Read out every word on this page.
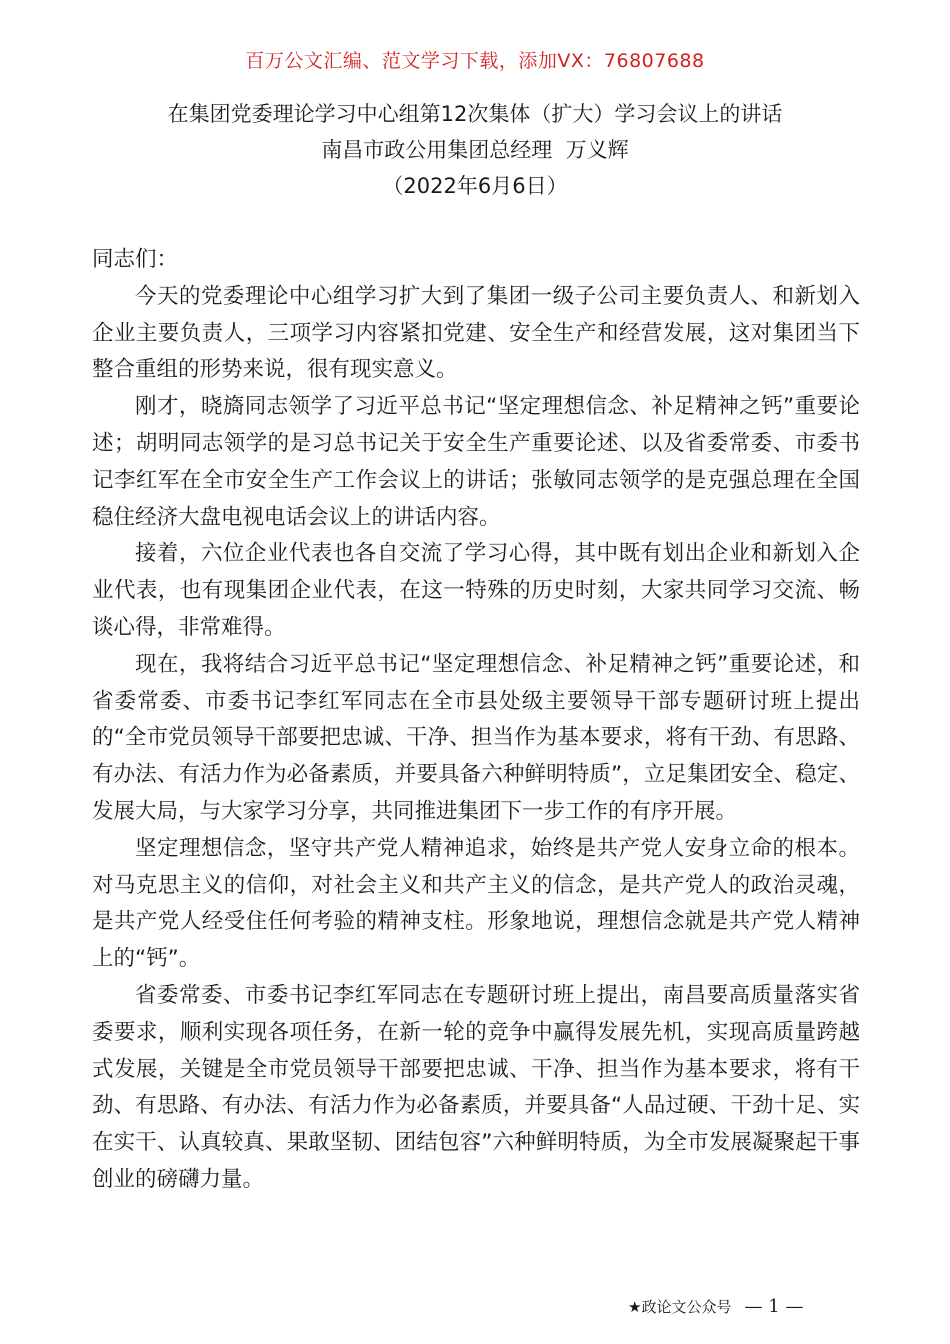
百万公文汇编、范文学习下载，添加VX：76807688
在集团党委理论学习中心组第12次集体（扩大）学习会议上的讲话
南昌市政公用集团总经理  万义辉
（2022年6月6日）

同志们：

今天的党委理论中心组学习扩大到了集团一级子公司主要负责人、和新划入企业主要负责人，三项学习内容紧扣党建、安全生产和经营发展，这对集团当下整合重组的形势来说，很有现实意义。

刚才，晓旖同志领学了习近平总书记“坚定理想信念、补足精神之钙”重要论述；胡明同志领学的是习总书记关于安全生产重要论述、以及省委常委、市委书记李红军在全市安全生产工作会议上的讲话；张敏同志领学的是克强总理在全国稳住经济大盘电视电话会议上的讲话内容。

接着，六位企业代表也各自交流了学习心得，其中既有划出企业和新划入企业代表，也有现集团企业代表，在这一特殊的历史时刻，大家共同学习交流、畅谈心得，非常难得。

现在，我将结合习近平总书记“坚定理想信念、补足精神之钙”重要论述，和省委常委、市委书记李红军同志在全市县处级主要领导干部专题研讨班上提出的“全市党员领导干部要把忠诚、干净、担当作为基本要求，将有干劲、有思路、有办法、有活力作为必备素质，并要具备六种鲜明特质”，立足集团安全、稳定、发展大局，与大家学习分享，共同推进集团下一步工作的有序开展。

坚定理想信念，坚守共产党人精神追求，始终是共产党人安身立命的根本。对马克思主义的信仰，对社会主义和共产主义的信念，是共产党人的政治灵魂，是共产党人经受住任何考验的精神支柱。形象地说，理想信念就是共产党人精神上的“钙”。

省委常委、市委书记李红军同志在专题研讨班上提出，南昌要高质量落实省委要求，顺利实现各项任务，在新一轮的竞争中赢得发展先机，实现高质量跨越式发展，关键是全市党员领导干部要把忠诚、干净、担当作为基本要求，将有干劲、有思路、有办法、有活力作为必备素质，并要具备“人品过硬、干劲十足、实在实干、认真较真、果敢坚韧、团结包容”六种鲜明特质，为全市发展凝聚起干事创业的磅礴力量。

★政论文公众号 — 1 —
